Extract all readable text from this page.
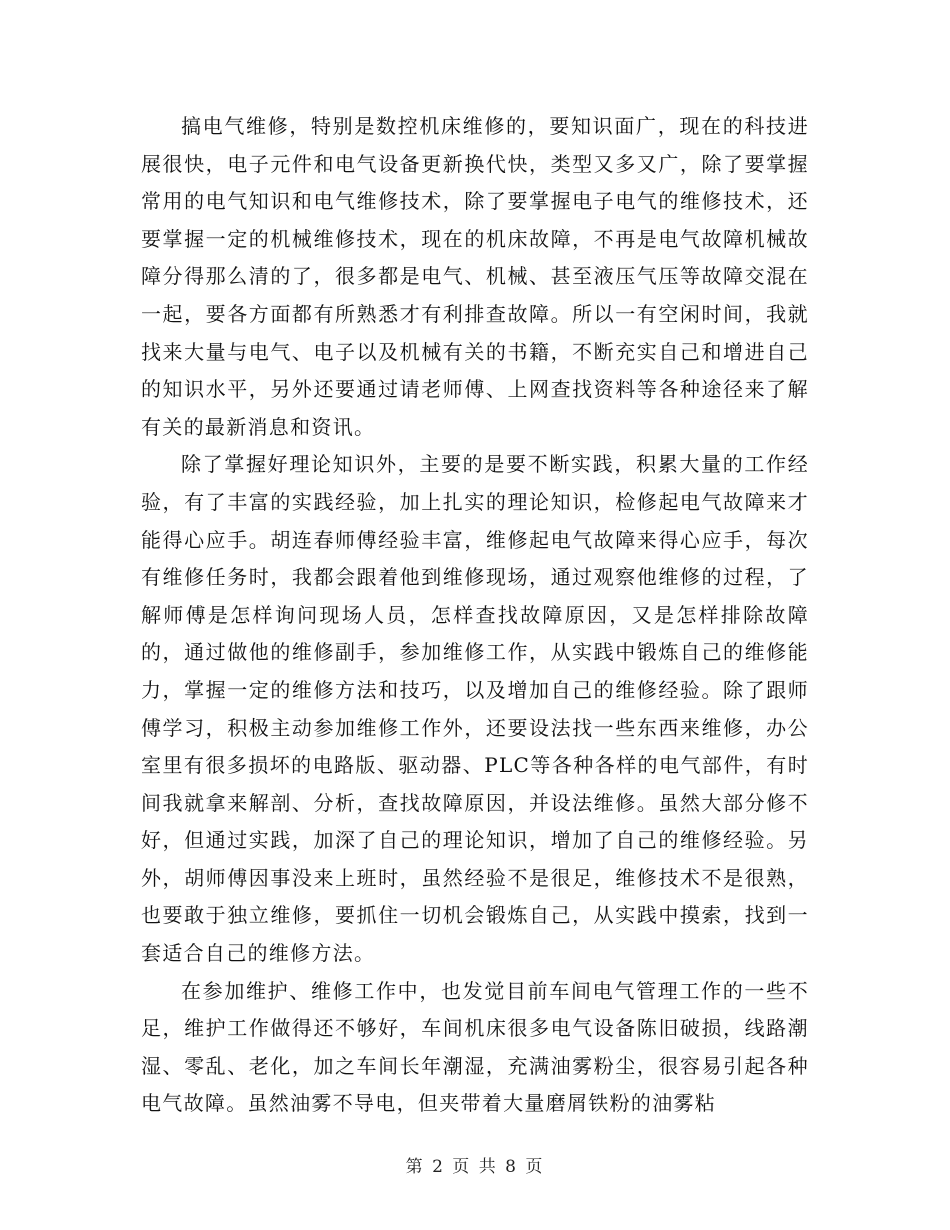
搞电气维修，特别是数控机床维修的，要知识面广，现在的科技进展很快，电子元件和电气设备更新换代快，类型又多又广，除了要掌握常用的电气知识和电气维修技术，除了要掌握电子电气的维修技术，还要掌握一定的机械维修技术，现在的机床故障，不再是电气故障机械故障分得那么清的了，很多都是电气、机械、甚至液压气压等故障交混在一起，要各方面都有所熟悉才有利排查故障。所以一有空闲时间，我就找来大量与电气、电子以及机械有关的书籍，不断充实自己和增进自己的知识水平，另外还要通过请老师傅、上网查找资料等各种途径来了解有关的最新消息和资讯。

除了掌握好理论知识外，主要的是要不断实践，积累大量的工作经验，有了丰富的实践经验，加上扎实的理论知识，检修起电气故障来才能得心应手。胡连春师傅经验丰富，维修起电气故障来得心应手，每次有维修任务时，我都会跟着他到维修现场，通过观察他维修的过程，了解师傅是怎样询问现场人员，怎样查找故障原因，又是怎样排除故障的，通过做他的维修副手，参加维修工作，从实践中锻炼自己的维修能力，掌握一定的维修方法和技巧，以及增加自己的维修经验。除了跟师傅学习，积极主动参加维修工作外，还要设法找一些东西来维修，办公室里有很多损坏的电路版、驱动器、PLC等各种各样的电气部件，有时间我就拿来解剖、分析，查找故障原因，并设法维修。虽然大部分修不好，但通过实践，加深了自己的理论知识，增加了自己的维修经验。另外，胡师傅因事没来上班时，虽然经验不是很足，维修技术不是很熟，也要敢于独立维修，要抓住一切机会锻炼自己，从实践中摸索，找到一套适合自己的维修方法。

在参加维护、维修工作中，也发觉目前车间电气管理工作的一些不足，维护工作做得还不够好，车间机床很多电气设备陈旧破损，线路潮湿、零乱、老化，加之车间长年潮湿，充满油雾粉尘，很容易引起各种电气故障。虽然油雾不导电，但夹带着大量磨屑铁粉的油雾粘

第 2 页 共 8 页
